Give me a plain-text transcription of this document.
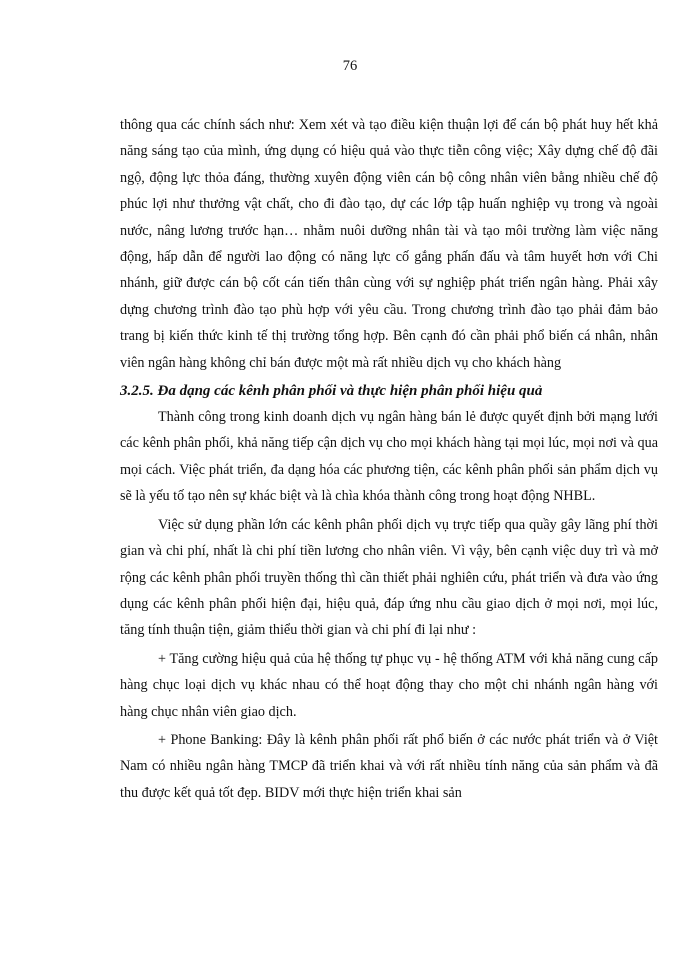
76

thông qua các chính sách như: Xem xét và tạo điều kiện thuận lợi để cán bộ phát huy hết khả năng sáng tạo của mình, ứng dụng có hiệu quả vào thực tiễn công việc; Xây dựng chế độ đãi ngộ, động lực thỏa đáng, thường xuyên động viên cán bộ công nhân viên bằng nhiều chế độ phúc lợi như thưởng vật chất, cho đi đào tạo, dự các lớp tập huấn nghiệp vụ trong và ngoài nước, nâng lương trước hạn… nhằm nuôi dưỡng nhân tài và tạo môi trường làm việc năng động, hấp dẫn để người lao động có năng lực cố gắng phấn đấu và tâm huyết hơn với Chi nhánh, giữ được cán bộ cốt cán tiến thân cùng với sự nghiệp phát triển ngân hàng. Phải xây dựng chương trình đào tạo phù hợp với yêu cầu. Trong chương trình đào tạo phải đảm bảo trang bị kiến thức kinh tế thị trường tổng hợp. Bên cạnh đó cần phải phổ biến cá nhân, nhân viên ngân hàng không chỉ bán được một mà rất nhiều dịch vụ cho khách hàng

3.2.5. Đa dạng các kênh phân phối và thực hiện phân phối hiệu quả

Thành công trong kinh doanh dịch vụ ngân hàng bán lẻ được quyết định bởi mạng lưới các kênh phân phối, khả năng tiếp cận dịch vụ cho mọi khách hàng tại mọi lúc, mọi nơi và qua mọi cách. Việc phát triển, đa dạng hóa các phương tiện, các kênh phân phối sản phẩm dịch vụ sẽ là yếu tố tạo nên sự khác biệt và là chìa khóa thành công trong hoạt động NHBL.

Việc sử dụng phần lớn các kênh phân phối dịch vụ trực tiếp qua quầy gây lãng phí thời gian và chi phí, nhất là chi phí tiền lương cho nhân viên. Vì vậy, bên cạnh việc duy trì và mở rộng các kênh phân phối truyền thống thì cần thiết phải nghiên cứu, phát triển và đưa vào ứng dụng các kênh phân phối hiện đại, hiệu quả, đáp ứng nhu cầu giao dịch ở mọi nơi, mọi lúc, tăng tính thuận tiện, giảm thiểu thời gian và chi phí đi lại như :

+ Tăng cường hiệu quả của hệ thống tự phục vụ - hệ thống ATM với khả năng cung cấp hàng chục loại dịch vụ khác nhau có thể hoạt động thay cho một chi nhánh ngân hàng với hàng chục nhân viên giao dịch.

+ Phone Banking: Đây là kênh phân phối rất phổ biến ở các nước phát triển và ở Việt Nam có nhiều ngân hàng TMCP đã triển khai và với rất nhiều tính năng của sản phẩm và đã thu được kết quả tốt đẹp. BIDV mới thực hiện triển khai sản
